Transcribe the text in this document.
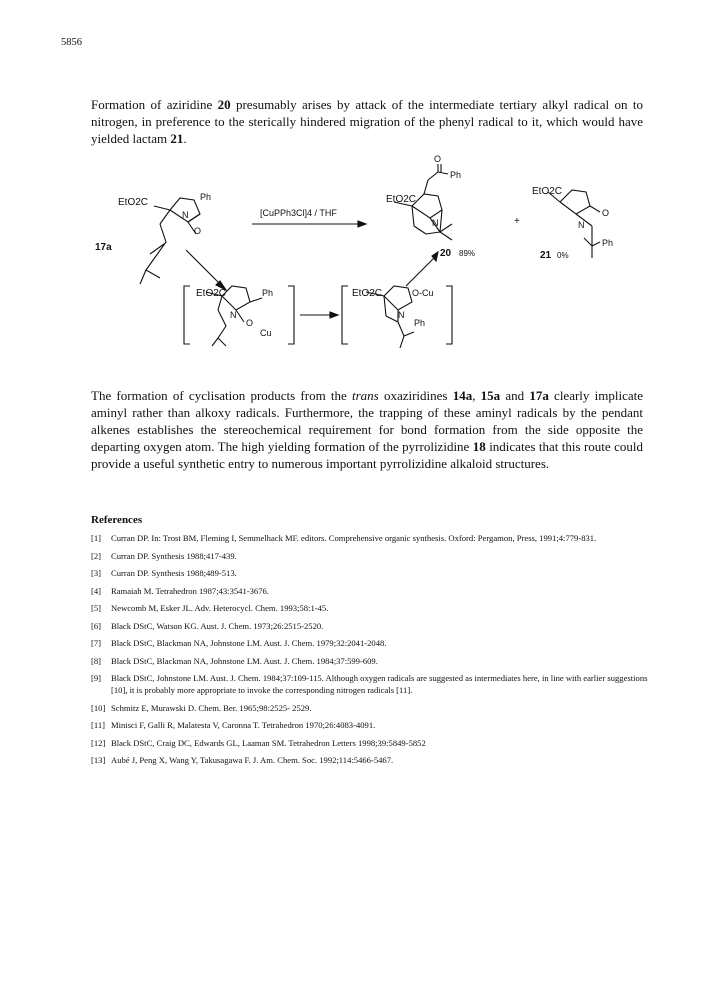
5856

Formation of aziridine 20 presumably arises by attack of the intermediate tertiary alkyl radical on to nitrogen, in preference to the sterically hindered migration of the phenyl radical to it, which would have yielded lactam 21.

EtO2C	Ph
N
O
17a
[CuPPh3Cl]4 / THF
EtO2C
O
Ph
N
20 89%
+
EtO2C
N
O
Ph
21 0%
EtO2C	Ph
N
O
Cu
EtO2C	O-Cu
N
Ph

The formation of cyclisation products from the trans oxaziridines 14a, 15a and 17a clearly implicate aminyl rather than alkoxy radicals. Furthermore, the trapping of these aminyl radicals by the pendant alkenes establishes the stereochemical requirement for bond formation from the side opposite the departing oxygen atom. The high yielding formation of the pyrrolizidine 18 indicates that this route could provide a useful synthetic entry to numerous important pyrrolizidine alkaloid structures.

References
[1]	Curran DP. In: Trost BM, Fleming I, Semmelhack MF. editors. Comprehensive organic synthesis. Oxford: Pergamon, Press, 1991;4:779-831.
[2]	Curran DP. Synthesis 1988;417-439.
[3]	Curran DP. Synthesis 1988;489-513.
[4]	Ramaiah M. Tetrahedron 1987;43:3541-3676.
[5]	Newcomb M, Esker JL. Adv. Heterocycl. Chem. 1993;58:1-45.
[6]	Black DStC, Watson KG. Aust. J. Chem. 1973;26:2515-2520.
[7]	Black DStC, Blackman NA, Johnstone LM. Aust. J. Chem. 1979;32:2041-2048.
[8]	Black DStC, Blackman NA, Johnstone LM. Aust. J. Chem. 1984;37:599-609.
[9]	Black DStC, Johnstone LM. Aust. J. Chem. 1984;37:109-115. Although oxygen radicals are suggested as intermediates here, in line with earlier suggestions [10], it is probably more appropriate to invoke the corresponding nitrogen radicals [11].
[10] Schmitz E, Murawski D. Chem. Ber. 1965;98:2525- 2529.
[11] Minisci F, Galli R, Malatesta V, Caronna T. Tetrahedron 1970;26:4083-4091.
[12] Black DStC, Craig DC, Edwards GL, Laaman SM. Tetrahedron Letters 1998;39:5849-5852
[13] Aubé J, Peng X, Wang Y, Takusagawa F. J. Am. Chem. Soc. 1992;114:5466-5467.
